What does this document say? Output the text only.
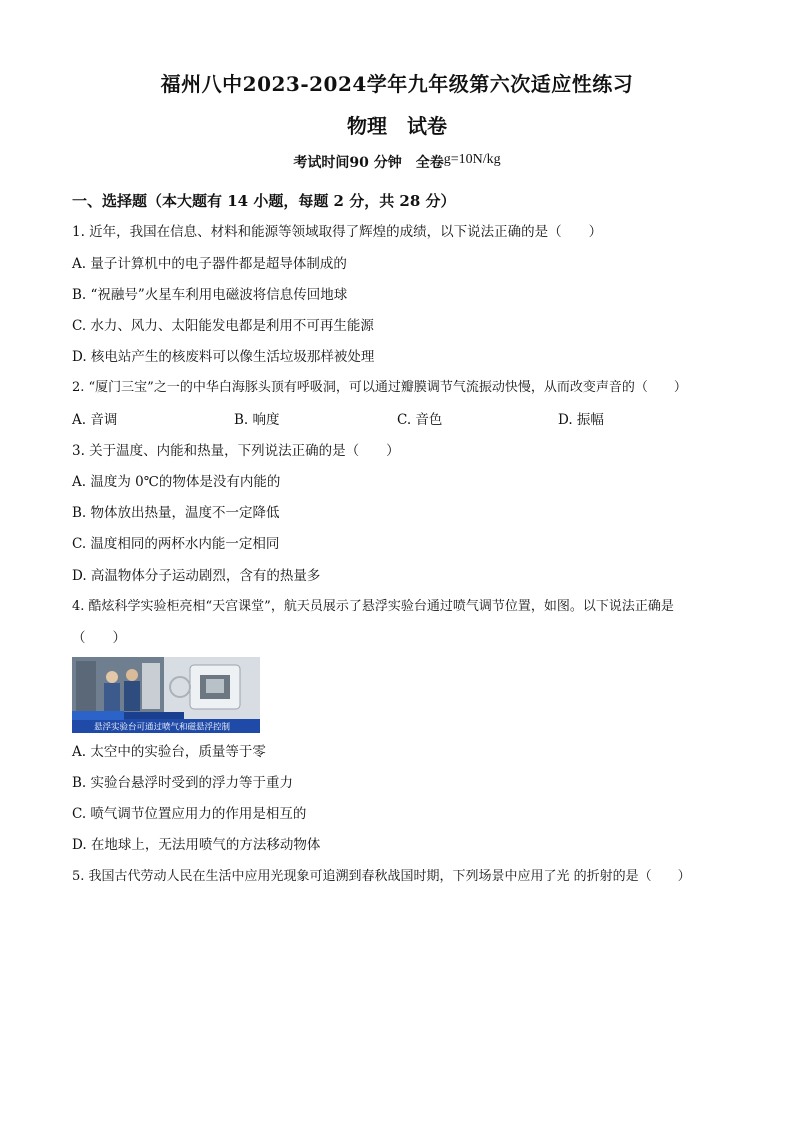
福州八中2023-2024学年九年级第六次适应性练习
物理　试卷
考试时间90 分钟　全卷g=10N/kg
一、选择题（本大题有 14 小题，每题 2 分，共 28 分）
1. 近年，我国在信息、材料和能源等领域取得了辉煌的成绩，以下说法正确的是（　　）
A. 量子计算机中的电子器件都是超导体制成的
B. “祝融号”火星车利用电磁波将信息传回地球
C. 水力、风力、太阳能发电都是利用不可再生能源
D. 核电站产生的核废料可以像生活垃圾那样被处理
2. “厦门三宝”之一的中华白海豚头顶有呼吸洞，可以通过瓣膜调节气流振动快慢，从而改变声音的（　　）
A. 音调	B. 响度	C. 音色	D. 振幅
3. 关于温度、内能和热量，下列说法正确的是（　　）
A. 温度为 0℃的物体是没有内能的
B. 物体放出热量，温度不一定降低
C. 温度相同的两杯水内能一定相同
D. 高温物体分子运动剧烈，含有的热量多
4. 酷炫科学实验柜亮相“天宫课堂”，航天员展示了悬浮实验台通过喷气调节位置，如图。以下说法正确是
（　　）
悬浮实验台可通过喷气和磁悬浮控制
A. 太空中的实验台，质量等于零
B. 实验台悬浮时受到的浮力等于重力
C. 喷气调节位置应用力的作用是相互的
D. 在地球上，无法用喷气的方法移动物体
5. 我国古代劳动人民在生活中应用光现象可追溯到春秋战国时期，下列场景中应用了光 的折射的是（　　）
